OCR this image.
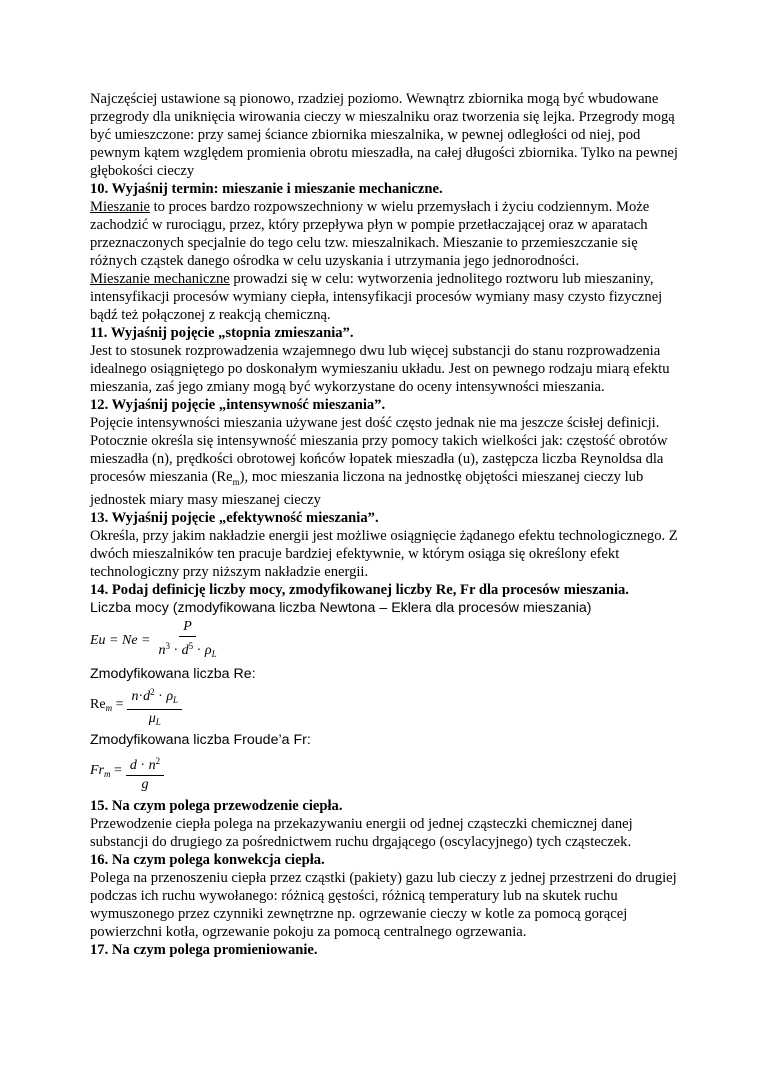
Najczęściej ustawione są pionowo, rzadziej poziomo. Wewnątrz zbiornika mogą być wbudowane przegrody dla uniknięcia wirowania cieczy w mieszalniku oraz tworzenia się lejka. Przegrody mogą być umieszczone: przy samej ściance zbiornika mieszalnika, w pewnej odległości od niej, pod pewnym kątem względem promienia obrotu mieszadła, na całej długości zbiornika. Tylko na pewnej głębokości cieczy

10. Wyjaśnij termin: mieszanie i mieszanie mechaniczne.

Mieszanie to proces bardzo rozpowszechniony w wielu przemysłach i życiu codziennym. Może zachodzić w rurociągu, przez, który przepływa płyn w pompie przetłaczającej oraz w aparatach przeznaczonych specjalnie do tego celu tzw. mieszalnikach. Mieszanie to przemieszczanie się różnych cząstek danego ośrodka w celu uzyskania i utrzymania jego jednorodności.

Mieszanie mechaniczne prowadzi się w celu: wytworzenia jednolitego roztworu lub mieszaniny, intensyfikacji procesów wymiany ciepła, intensyfikacji procesów wymiany masy czysto fizycznej bądź też połączonej z reakcją chemiczną.

11. Wyjaśnij pojęcie „stopnia zmieszania”.

Jest to stosunek rozprowadzenia wzajemnego dwu lub więcej substancji do stanu rozprowadzenia idealnego osiągniętego po doskonałym wymieszaniu układu. Jest on pewnego rodzaju miarą efektu mieszania, zaś jego zmiany mogą być wykorzystane do oceny intensywności mieszania.

12. Wyjaśnij pojęcie „intensywność mieszania”.

Pojęcie intensywności mieszania używane jest dość często jednak nie ma jeszcze ścisłej definicji. Potocznie określa się intensywność mieszania przy pomocy takich wielkości jak: częstość obrotów mieszadła (n), prędkości obrotowej końców łopatek mieszadła (u), zastępcza liczba Reynoldsa dla procesów mieszania $(Re_m)$, moc mieszania liczona na jednostkę objętości mieszanej cieczy lub jednostek miary masy mieszanej cieczy

13. Wyjaśnij pojęcie „efektywność mieszania”.

Określa, przy jakim nakładzie energii jest możliwe osiągnięcie żądanego efektu technologicznego. Z dwóch mieszalników ten pracuje bardziej efektywnie, w którym osiąga się określony efekt technologiczny przy niższym nakładzie energii.

14. Podaj definicję liczby mocy, zmodyfikowanej liczby Re, Fr dla procesów mieszania.

Liczba mocy (zmodyfikowana liczba Newtona – Eklera dla procesów mieszania)

$Eu = Ne = \frac{P}{n^3 \cdot d^5 \cdot \rho_L}$

Zmodyfikowana liczba Re:

$Re_m = \frac{n\cdot d^2 \cdot \rho_L}{\mu_L}$

Zmodyfikowana liczba Froude’a Fr:

$Fr_m = \frac{d \cdot n^2}{g}$

15. Na czym polega przewodzenie ciepła.

Przewodzenie ciepła polega na przekazywaniu energii od jednej cząsteczki chemicznej danej substancji do drugiego za pośrednictwem ruchu drgającego (oscylacyjnego) tych cząsteczek.

16. Na czym polega konwekcja ciepła.

Polega na przenoszeniu ciepła przez cząstki (pakiety) gazu lub cieczy z jednej przestrzeni do drugiej podczas ich ruchu wywołanego: różnicą gęstości, różnicą temperatury lub na skutek ruchu wymuszonego przez czynniki zewnętrzne np. ogrzewanie cieczy w kotle za pomocą gorącej powierzchni kotła, ogrzewanie pokoju za pomocą centralnego ogrzewania.

17. Na czym polega promieniowanie.
